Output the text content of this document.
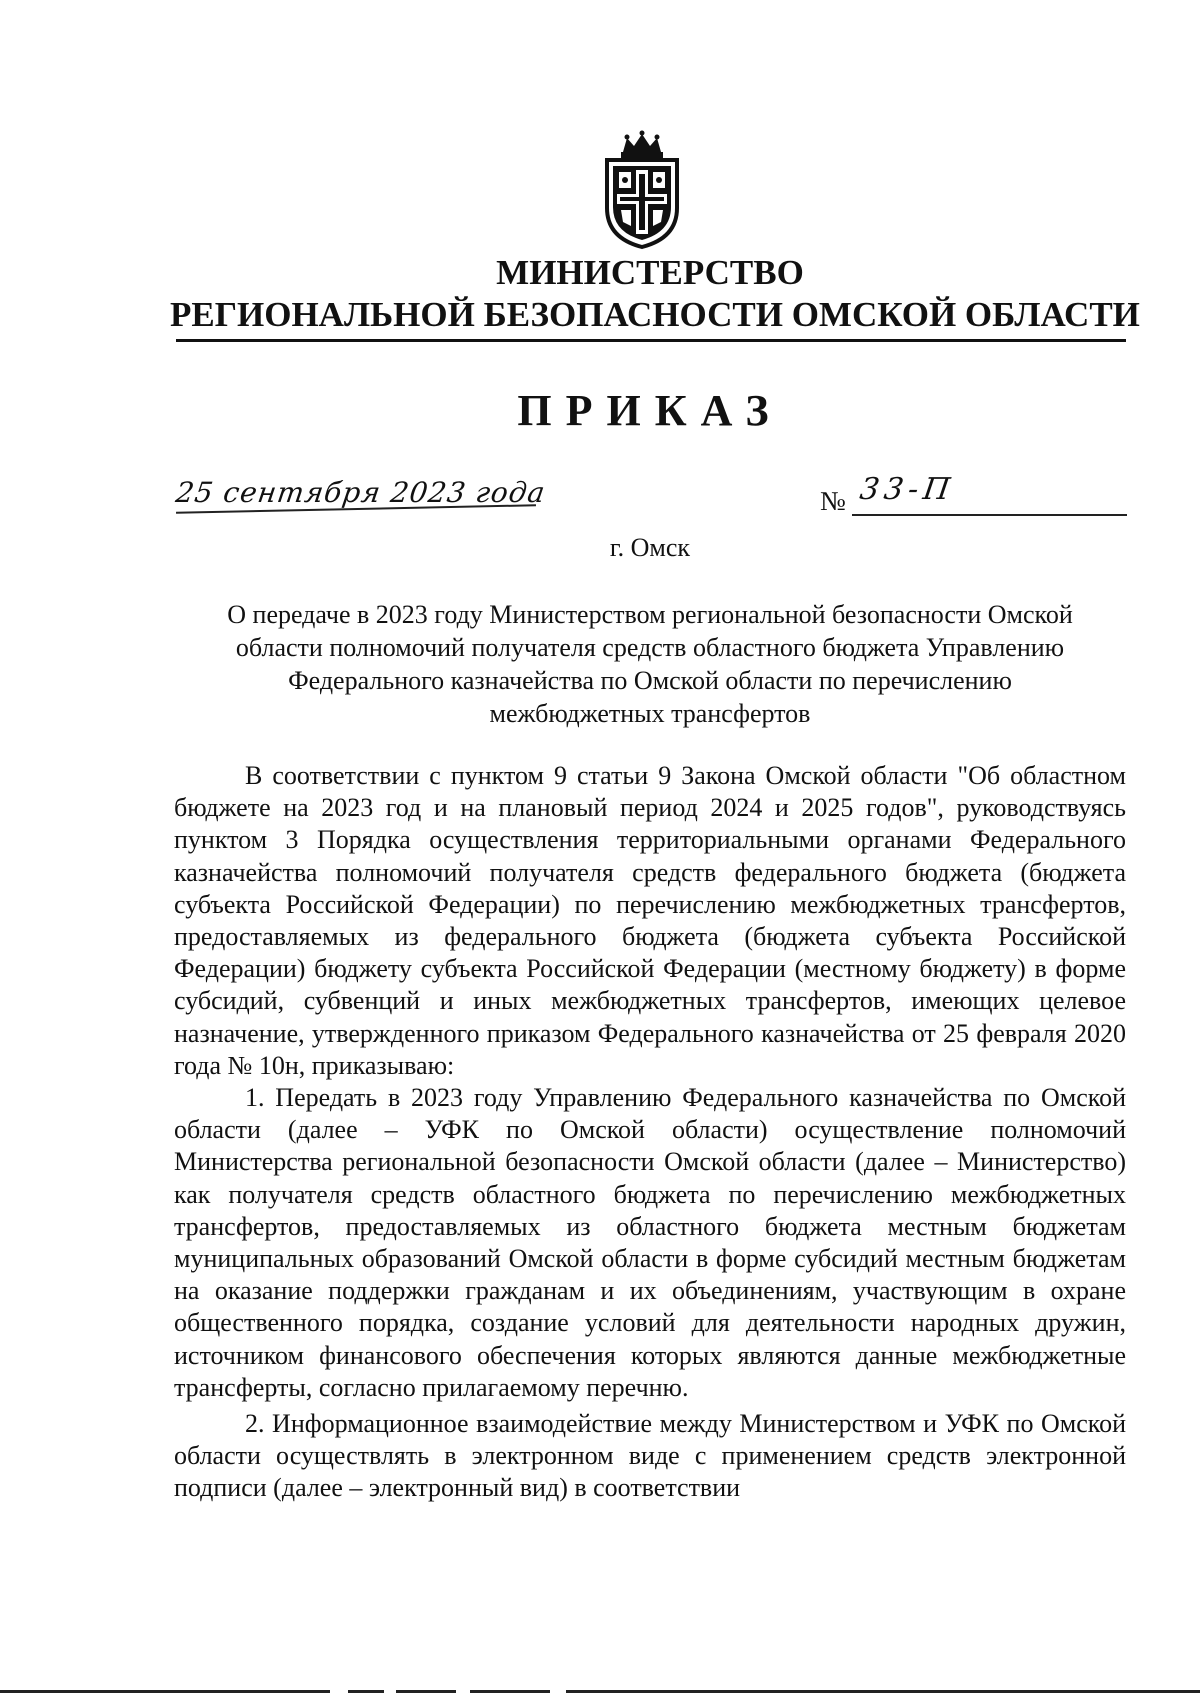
МИНИСТЕРСТВО
РЕГИОНАЛЬНОЙ БЕЗОПАСНОСТИ ОМСКОЙ ОБЛАСТИ
ПРИКАЗ
25 сентября 2023 года	№ 33-П
г. Омск
О передаче в 2023 году Министерством региональной безопасности Омской
области полномочий получателя средств областного бюджета Управлению
Федерального казначейства по Омской области по перечислению
межбюджетных трансфертов

В соответствии с пунктом 9 статьи 9 Закона Омской области "Об областном бюджете на 2023 год и на плановый период 2024 и 2025 годов", руководствуясь пунктом 3 Порядка осуществления территориальными органами Федерального казначейства полномочий получателя средств федерального бюджета (бюджета субъекта Российской Федерации) по перечислению межбюджетных трансфертов, предоставляемых из федерального бюджета (бюджета субъекта Российской Федерации) бюджету субъекта Российской Федерации (местному бюджету) в форме субсидий, субвенций и иных межбюджетных трансфертов, имеющих целевое назначение, утвержденного приказом Федерального казначейства от 25 февраля 2020 года № 10н, приказываю:

1. Передать в 2023 году Управлению Федерального казначейства по Омской области (далее – УФК по Омской области) осуществление полномочий Министерства региональной безопасности Омской области (далее – Министерство) как получателя средств областного бюджета по перечислению межбюджетных трансфертов, предоставляемых из областного бюджета местным бюджетам муниципальных образований Омской области в форме субсидий местным бюджетам на оказание поддержки гражданам и их объединениям, участвующим в охране общественного порядка, создание условий для деятельности народных дружин, источником финансового обеспечения которых являются данные межбюджетные трансферты, согласно прилагаемому перечню.

2. Информационное взаимодействие между Министерством и УФК по Омской области осуществлять в электронном виде с применением средств электронной подписи (далее – электронный вид) в соответствии
